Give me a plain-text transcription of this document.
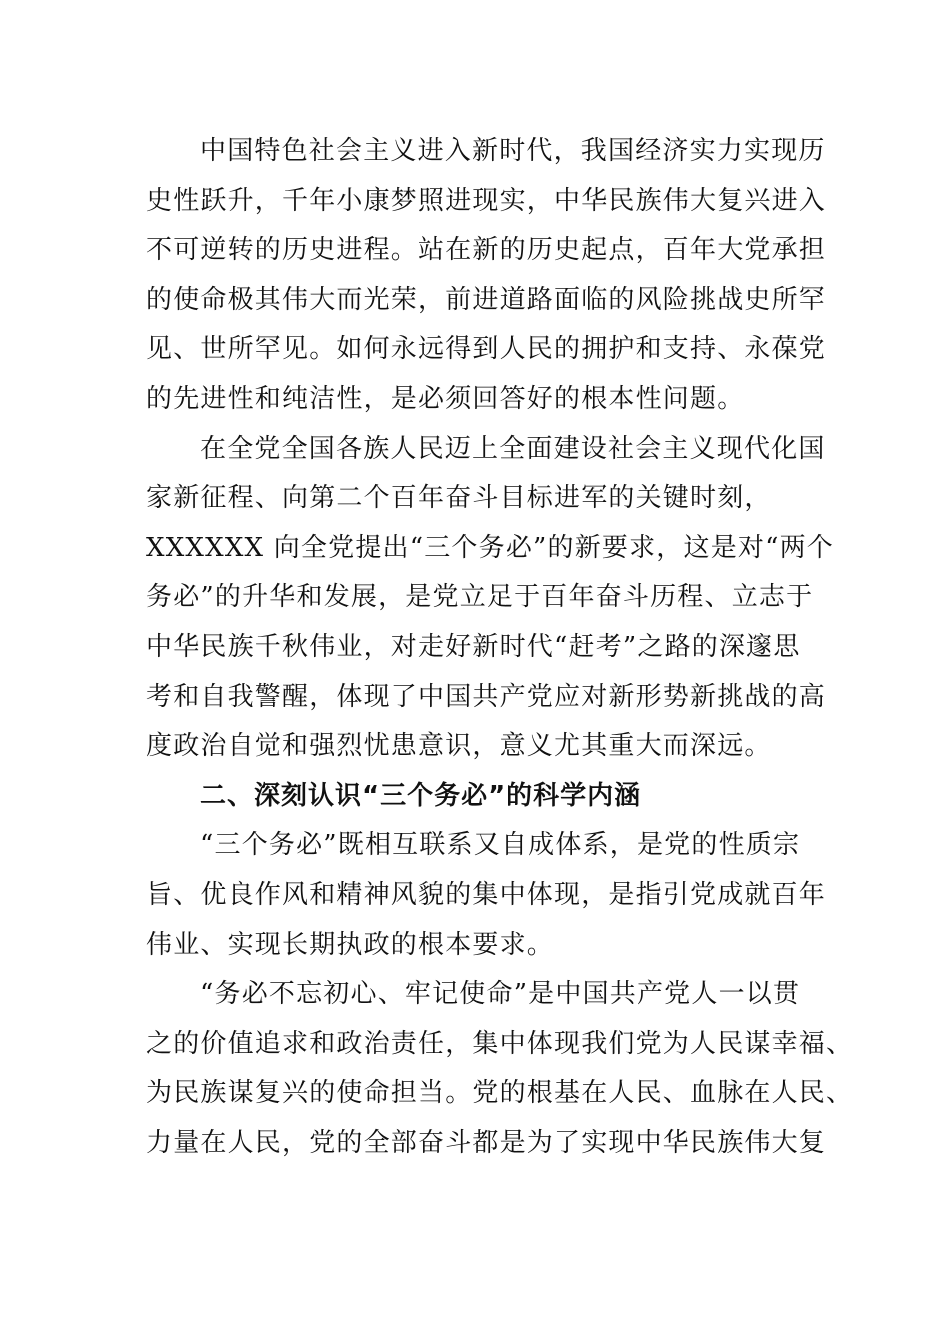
中国特色社会主义进入新时代，我国经济实力实现历
史性跃升，千年小康梦照进现实，中华民族伟大复兴进入
不可逆转的历史进程。站在新的历史起点，百年大党承担
的使命极其伟大而光荣，前进道路面临的风险挑战史所罕
见、世所罕见。如何永远得到人民的拥护和支持、永葆党
的先进性和纯洁性，是必须回答好的根本性问题。
在全党全国各族人民迈上全面建设社会主义现代化国
家新征程、向第二个百年奋斗目标进军的关键时刻，
XXXXXX 向全党提出“三个务必”的新要求，这是对“两个
务必”的升华和发展，是党立足于百年奋斗历程、立志于
中华民族千秋伟业，对走好新时代“赶考”之路的深邃思
考和自我警醒，体现了中国共产党应对新形势新挑战的高
度政治自觉和强烈忧患意识，意义尤其重大而深远。
二、深刻认识“三个务必”的科学内涵
“三个务必”既相互联系又自成体系，是党的性质宗
旨、优良作风和精神风貌的集中体现，是指引党成就百年
伟业、实现长期执政的根本要求。
“务必不忘初心、牢记使命”是中国共产党人一以贯
之的价值追求和政治责任，集中体现我们党为人民谋幸福、
为民族谋复兴的使命担当。党的根基在人民、血脉在人民、
力量在人民，党的全部奋斗都是为了实现中华民族伟大复
